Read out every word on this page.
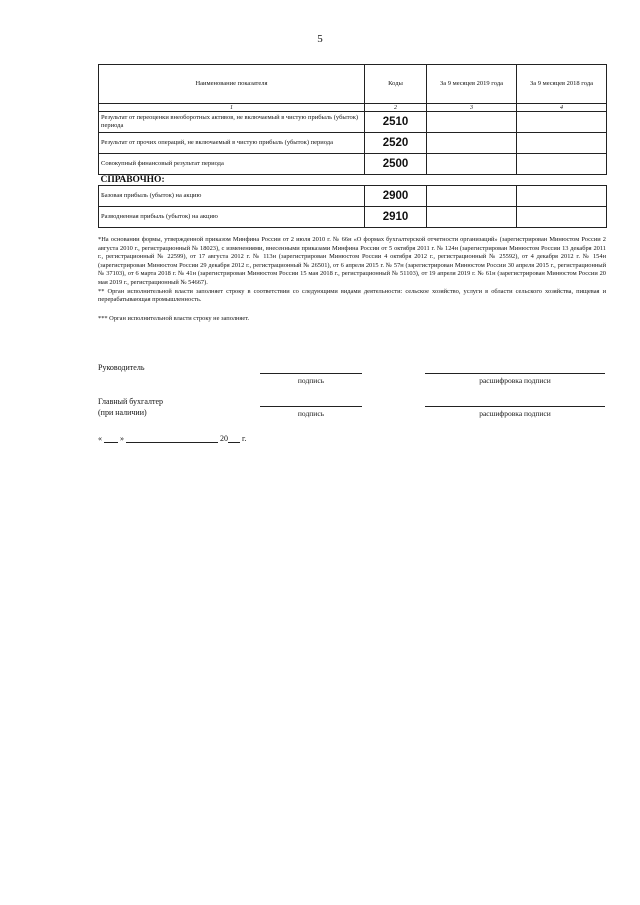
5
Наименование показателя	Коды	За 9 месяцев 2019 года	За 9 месяцев 2018 года
1	2	3	4
Результат от переоценки внеоборотных активов, не включаемый в чистую прибыль (убыток) периода	2510		
Результат от прочих операций, не включаемый в чистую прибыль (убыток) периода	2520		
Совокупный финансовый результат периода	2500		
СПРАВОЧНО:			
Базовая прибыль (убыток) на акцию	2900		
Разводненная прибыль (убыток) на акцию	2910		

*На основании формы, утвержденной приказом Минфина России от 2 июля 2010 г. № 66н «О формах бухгалтерской отчетности организаций» (зарегистрирован Минюстом России 2 августа 2010 г., регистрационный № 18023), с изменениями, внесенными приказами Минфина России от 5 октября 2011 г. № 124н (зарегистрирован Минюстом России 13 декабря 2011 г., регистрационный № 22599), от 17 августа 2012 г. № 113н (зарегистрирован Минюстом России 4 октября 2012 г., регистрационный № 25592), от 4 декабря 2012 г. № 154н (зарегистрирован Минюстом России 29 декабря 2012 г., регистрационный № 26501), от 6 апреля 2015 г. № 57н (зарегистрирован Минюстом России 30 апреля 2015 г., регистрационный № 37103), от 6 марта 2018 г. № 41н (зарегистрирован Минюстом России 15 мая 2018 г., регистрационный № 51103), от 19 апреля 2019 г. № 61н (зарегистрирован Минюстом России 20 мая 2019 г., регистрационный № 54667).

** Орган исполнительной власти заполняет строку в соответствии со следующими видами деятельности: сельское хозяйство, услуги в области сельского хозяйства, пищевая и перерабатывающая промышленность.

*** Орган исполнительной власти строку не заполняет.

Руководитель
подпись	расшифровка подписи
Главный бухгалтер
(при наличии)	подпись	расшифровка подписи
« »	20 г.
